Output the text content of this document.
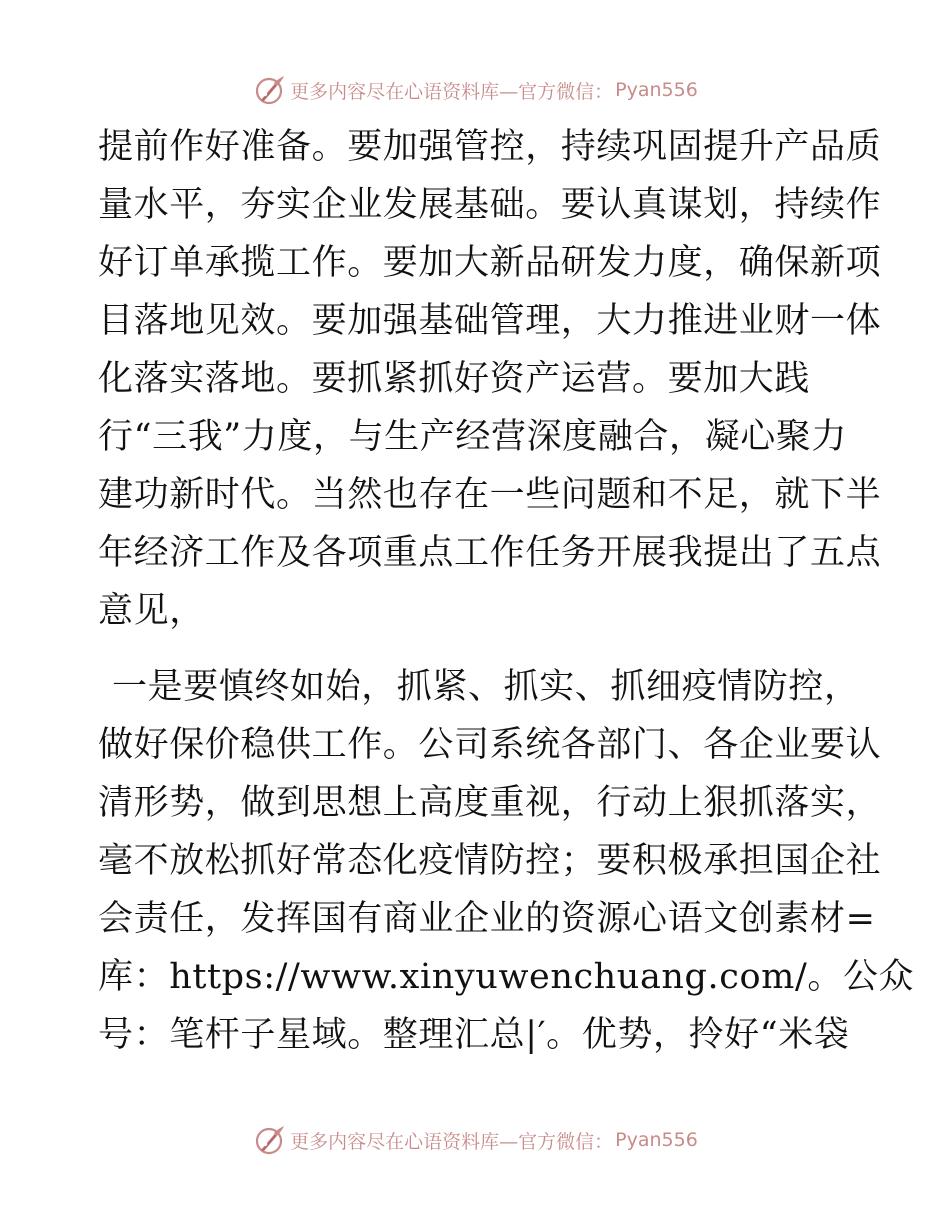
更多内容尽在心语资料库—官方微信： Pyan556
提前作好准备。要加强管控，持续巩固提升产品质
量水平，夯实企业发展基础。要认真谋划，持续作
好订单承揽工作。要加大新品研发力度，确保新项
目落地见效。要加强基础管理，大力推进业财一体
化落实落地。要抓紧抓好资产运营。要加大践
行“三我”力度，与生产经营深度融合，凝心聚力
建功新时代。当然也存在一些问题和不足，就下半
年经济工作及各项重点工作任务开展我提出了五点
意见，
一是要慎终如始，抓紧、抓实、抓细疫情防控，
做好保价稳供工作。公司系统各部门、各企业要认
清形势，做到思想上高度重视，行动上狠抓落实，
毫不放松抓好常态化疫情防控；要积极承担国企社
会责任，发挥国有商业企业的资源心语文创素材=
库：https://www.xinyuwenchuang.com/。公众
号：笔杆子星域。整理汇总|′。优势，拎好“米袋
更多内容尽在心语资料库—官方微信： Pyan556
